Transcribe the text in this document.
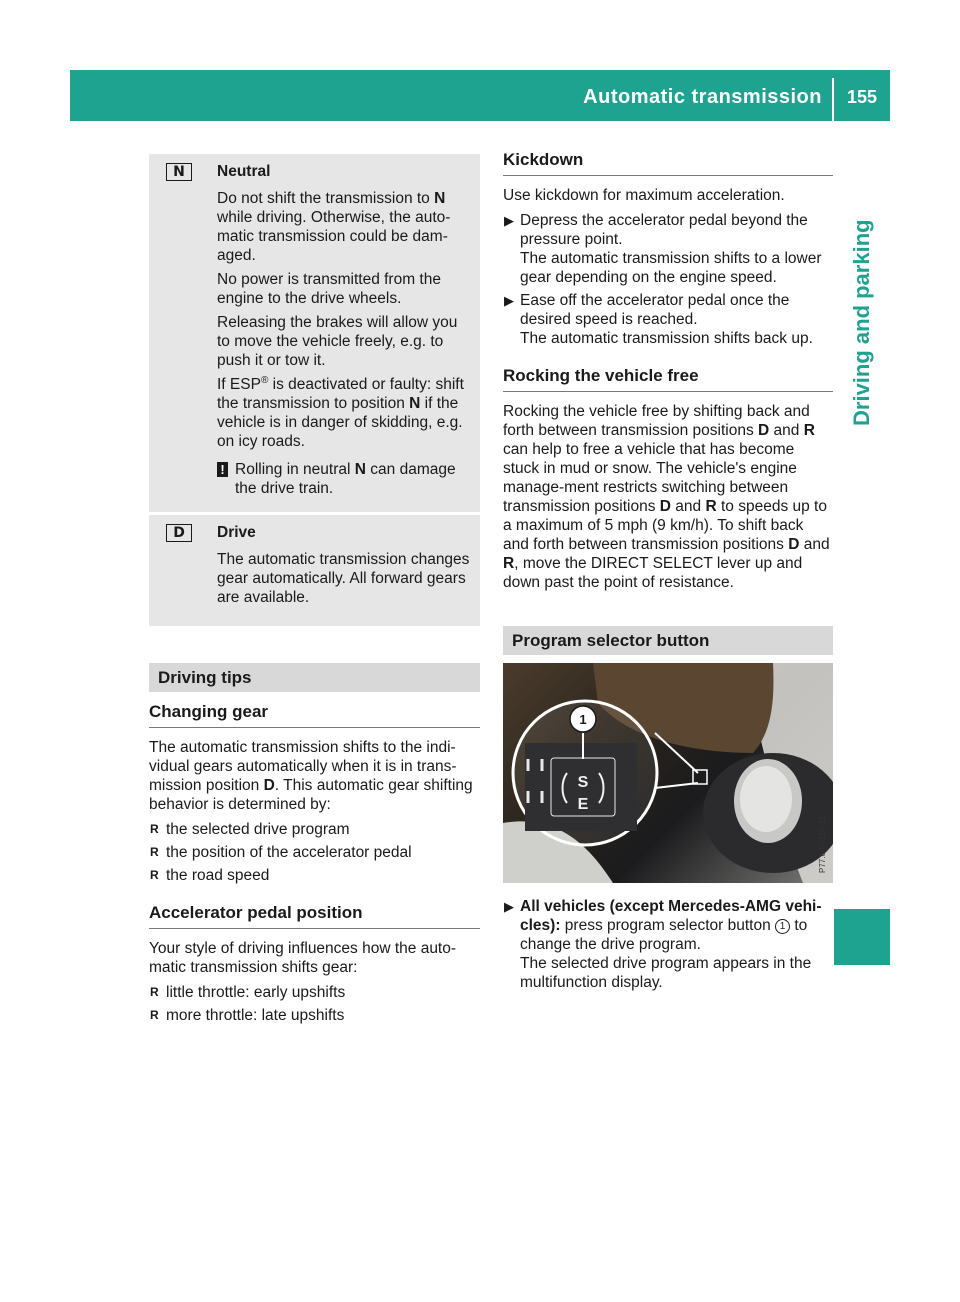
Automatic transmission	155
Driving and parking
N	Neutral

Do not shift the transmission to N while driving. Otherwise, the auto-matic transmission could be dam-aged.

No power is transmitted from the engine to the drive wheels.

Releasing the brakes will allow you to move the vehicle freely, e.g. to push it or tow it.

If ESP® is deactivated or faulty: shift the transmission to position N if the vehicle is in danger of skidding, e.g. on icy roads.

! Rolling in neutral N can damage the drive train.
D	Drive

The automatic transmission changes gear automatically. All forward gears are available.

Driving tips
Changing gear

The automatic transmission shifts to the indi-vidual gears automatically when it is in trans-mission position D. This automatic gear shifting behavior is determined by:

R the selected drive program
R the position of the accelerator pedal
R the road speed
Accelerator pedal position

Your style of driving influences how the auto-matic transmission shifts gear:

R little throttle: early upshifts
R more throttle: late upshifts
Kickdown

Use kickdown for maximum acceleration.

▶ Depress the accelerator pedal beyond the pressure point.
The automatic transmission shifts to a lower gear depending on the engine speed.
▶ Ease off the accelerator pedal once the desired speed is reached.
The automatic transmission shifts back up.
Rocking the vehicle free

Rocking the vehicle free by shifting back and forth between transmission positions D and R can help to free a vehicle that has become stuck in mud or snow. The vehicle's engine manage-ment restricts switching between transmission positions D and R to speeds up to a maximum of 5 mph (9 km/h). To shift back and forth between transmission positions D and R, move the DIRECT SELECT lever up and down past the point of resistance.

Program selector button
S
E
1
P77.60-3210-31
▶ All vehicles (except Mercedes-AMG vehi-cles): press program selector button 1 to change the drive program.
The selected drive program appears in the multifunction display.
